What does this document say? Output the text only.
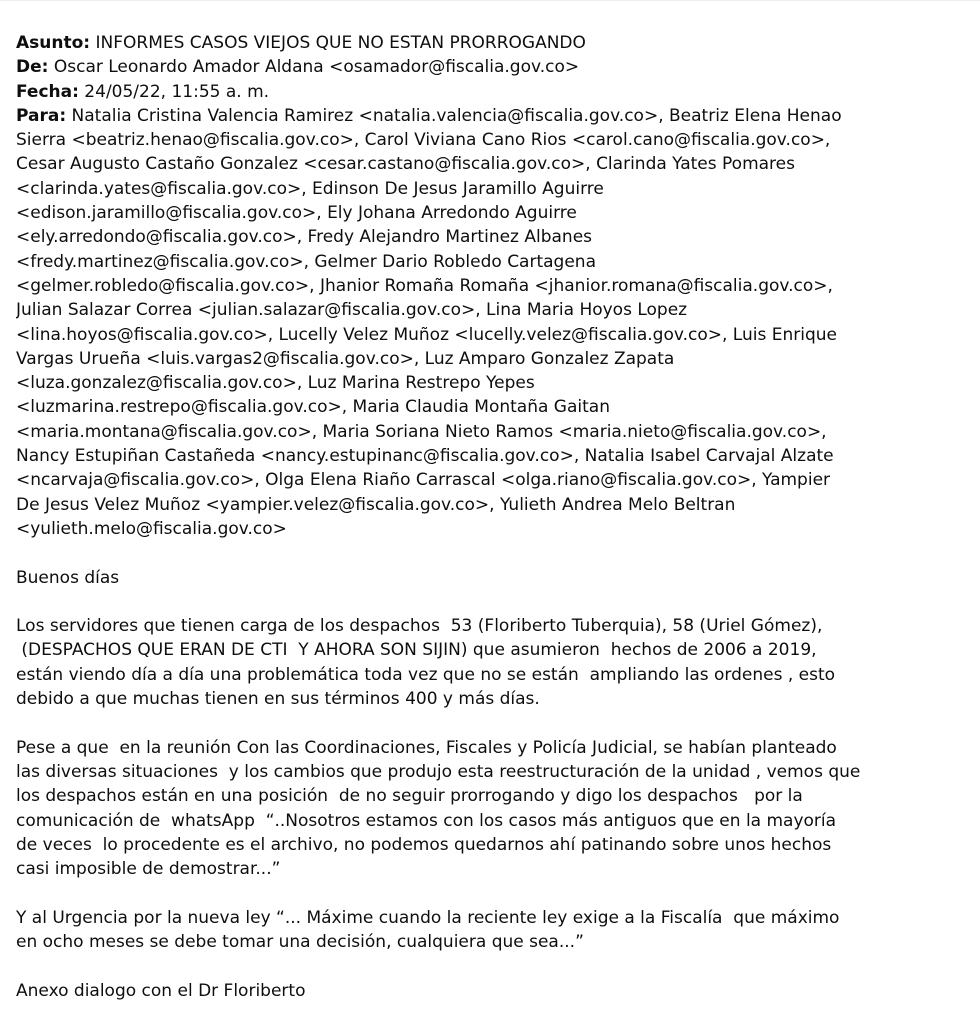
Asunto: INFORMES CASOS VIEJOS QUE NO ESTAN PRORROGANDO
De: Oscar Leonardo Amador Aldana <osamador@fiscalia.gov.co>
Fecha: 24/05/22, 11:55 a. m.
Para: Natalia Cristina Valencia Ramirez <natalia.valencia@fiscalia.gov.co>, Beatriz Elena Henao
Sierra <beatriz.henao@fiscalia.gov.co>, Carol Viviana Cano Rios <carol.cano@fiscalia.gov.co>,
Cesar Augusto Castaño Gonzalez <cesar.castano@fiscalia.gov.co>, Clarinda Yates Pomares
<clarinda.yates@fiscalia.gov.co>, Edinson De Jesus Jaramillo Aguirre
<edison.jaramillo@fiscalia.gov.co>, Ely Johana Arredondo Aguirre
<ely.arredondo@fiscalia.gov.co>, Fredy Alejandro Martinez Albanes
<fredy.martinez@fiscalia.gov.co>, Gelmer Dario Robledo Cartagena
<gelmer.robledo@fiscalia.gov.co>, Jhanior Romaña Romaña <jhanior.romana@fiscalia.gov.co>,
Julian Salazar Correa <julian.salazar@fiscalia.gov.co>, Lina Maria Hoyos Lopez
<lina.hoyos@fiscalia.gov.co>, Lucelly Velez Muñoz <lucelly.velez@fiscalia.gov.co>, Luis Enrique
Vargas Urueña <luis.vargas2@fiscalia.gov.co>, Luz Amparo Gonzalez Zapata
<luza.gonzalez@fiscalia.gov.co>, Luz Marina Restrepo Yepes
<luzmarina.restrepo@fiscalia.gov.co>, Maria Claudia Montaña Gaitan
<maria.montana@fiscalia.gov.co>, Maria Soriana Nieto Ramos <maria.nieto@fiscalia.gov.co>,
Nancy Estupiñan Castañeda <nancy.estupinanc@fiscalia.gov.co>, Natalia Isabel Carvajal Alzate
<ncarvaja@fiscalia.gov.co>, Olga Elena Riaño Carrascal <olga.riano@fiscalia.gov.co>, Yampier
De Jesus Velez Muñoz <yampier.velez@fiscalia.gov.co>, Yulieth Andrea Melo Beltran
<yulieth.melo@fiscalia.gov.co>
Buenos días
Los servidores que tienen carga de los despachos  53 (Floriberto Tuberquia), 58 (Uriel Gómez),
(DESPACHOS QUE ERAN DE CTI  Y AHORA SON SIJIN) que asumieron  hechos de 2006 a 2019,
están viendo día a día una problemática toda vez que no se están  ampliando las ordenes , esto
debido a que muchas tienen en sus términos 400 y más días.
Pese a que  en la reunión Con las Coordinaciones, Fiscales y Policía Judicial, se habían planteado
las diversas situaciones  y los cambios que produjo esta reestructuración de la unidad , vemos que
los despachos están en una posición  de no seguir prorrogando y digo los despachos   por la
comunicación de  whatsApp  “..Nosotros estamos con los casos más antiguos que en la mayoría
de veces  lo procedente es el archivo, no podemos quedarnos ahí patinando sobre unos hechos
casi imposible de demostrar...”
Y al Urgencia por la nueva ley “... Máxime cuando la reciente ley exige a la Fiscalía  que máximo
en ocho meses se debe tomar una decisión, cualquiera que sea...”
Anexo dialogo con el Dr Floriberto
